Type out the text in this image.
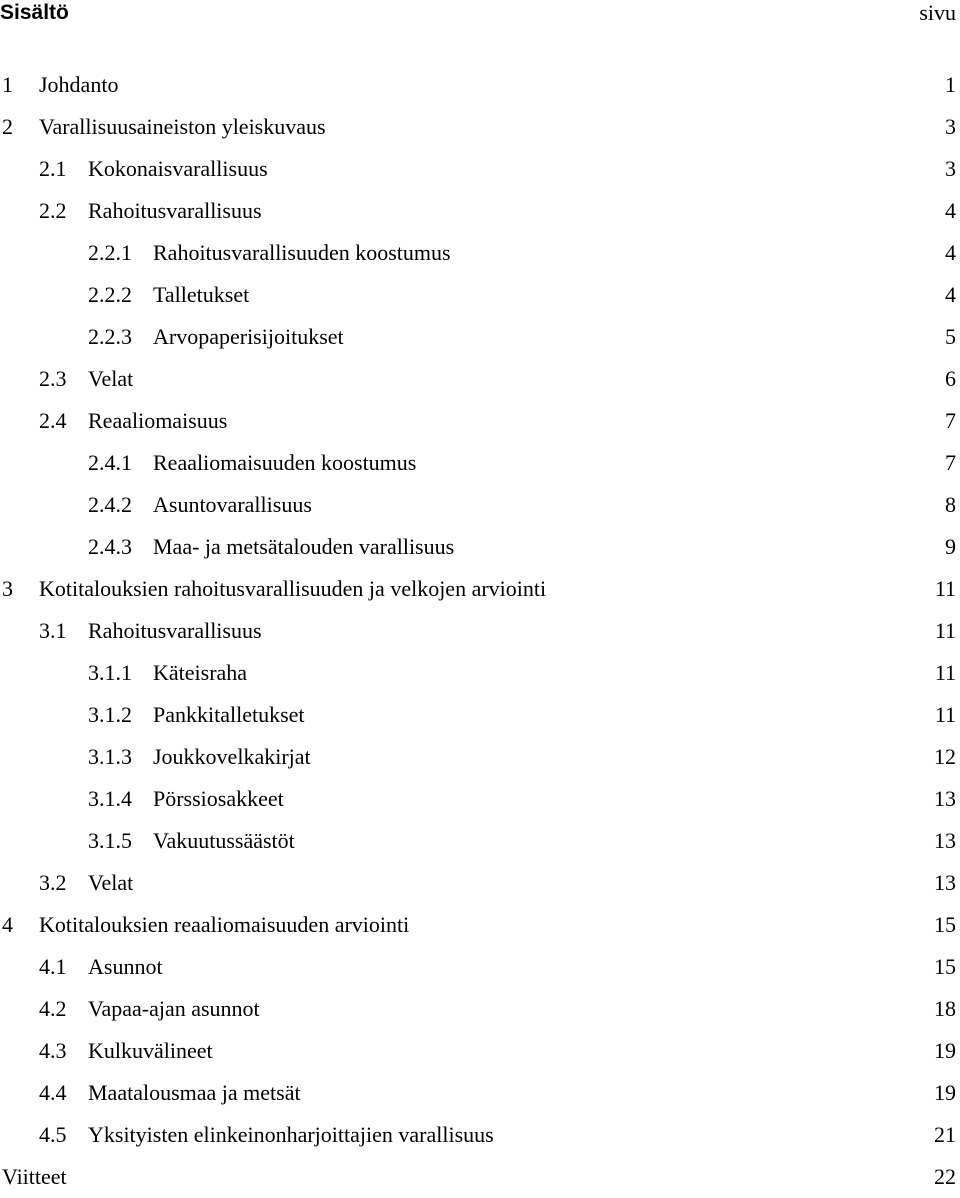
Sisältö	sivu
1 Johdanto	1
2 Varallisuusaineiston yleiskuvaus	3
2.1 Kokonaisvarallisuus	3
2.2 Rahoitusvarallisuus	4
2.2.1 Rahoitusvarallisuuden koostumus	4
2.2.2 Talletukset	4
2.2.3 Arvopaperisijoitukset	5
2.3 Velat	6
2.4 Reaaliomaisuus	7
2.4.1 Reaaliomaisuuden koostumus	7
2.4.2 Asuntovarallisuus	8
2.4.3 Maa- ja metsätalouden varallisuus	9
3 Kotitalouksien rahoitusvarallisuuden ja velkojen arviointi	11
3.1 Rahoitusvarallisuus	11
3.1.1 Käteisraha	11
3.1.2 Pankkitalletukset	11
3.1.3 Joukkovelkakirjat	12
3.1.4 Pörssiosakkeet	13
3.1.5 Vakuutussäästöt	13
3.2 Velat	13
4 Kotitalouksien reaaliomaisuuden arviointi	15
4.1 Asunnot	15
4.2 Vapaa-ajan asunnot	18
4.3 Kulkuvälineet	19
4.4 Maatalousmaa ja metsät	19
4.5 Yksityisten elinkeinonharjoittajien varallisuus	21
Viitteet	22
